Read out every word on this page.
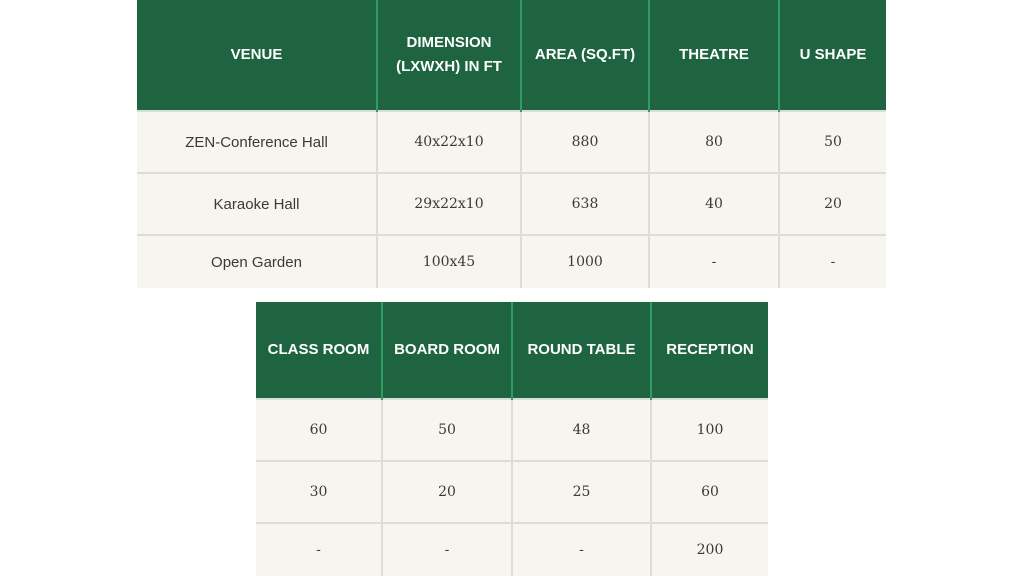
VENUE	DIMENSION (LXWXH) IN FT	AREA (SQ.FT)	THEATRE	U SHAPE
ZEN-Conference Hall	40x22x10	880	80	50
Karaoke Hall	29x22x10	638	40	20
Open Garden	100x45	1000	-	-
CLASS ROOM	BOARD ROOM	ROUND TABLE	RECEPTION
60	50	48	100
30	20	25	60
-	-	-	200
